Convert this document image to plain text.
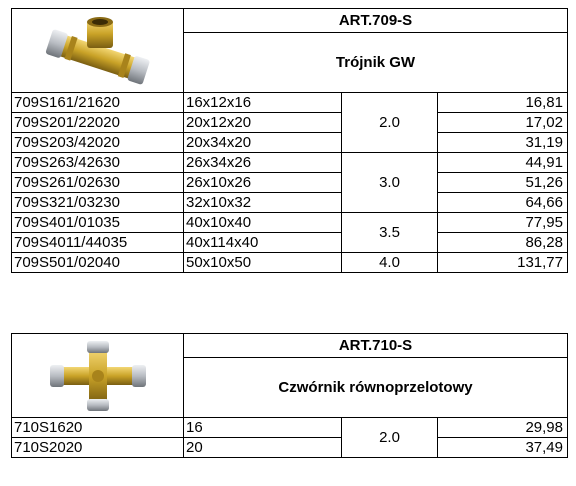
	ART.709-S		
	Trójnik GW		
709S161/21620	16x12x16	2.0	16,81
709S201/22020	20x12x20		17,02
709S203/42020	20x34x20		31,19
709S263/42630	26x34x26	3.0	44,91
709S261/02630	26x10x26		51,26
709S321/03230	32x10x32		64,66
709S401/01035	40x10x40	3.5	77,95
709S4011/44035	40x114x40		86,28
709S501/02040	50x10x50	4.0	131,77
	ART.710-S		
	Czwórnik równoprzelotowy		
710S1620	16	2.0	29,98
710S2020	20		37,49
